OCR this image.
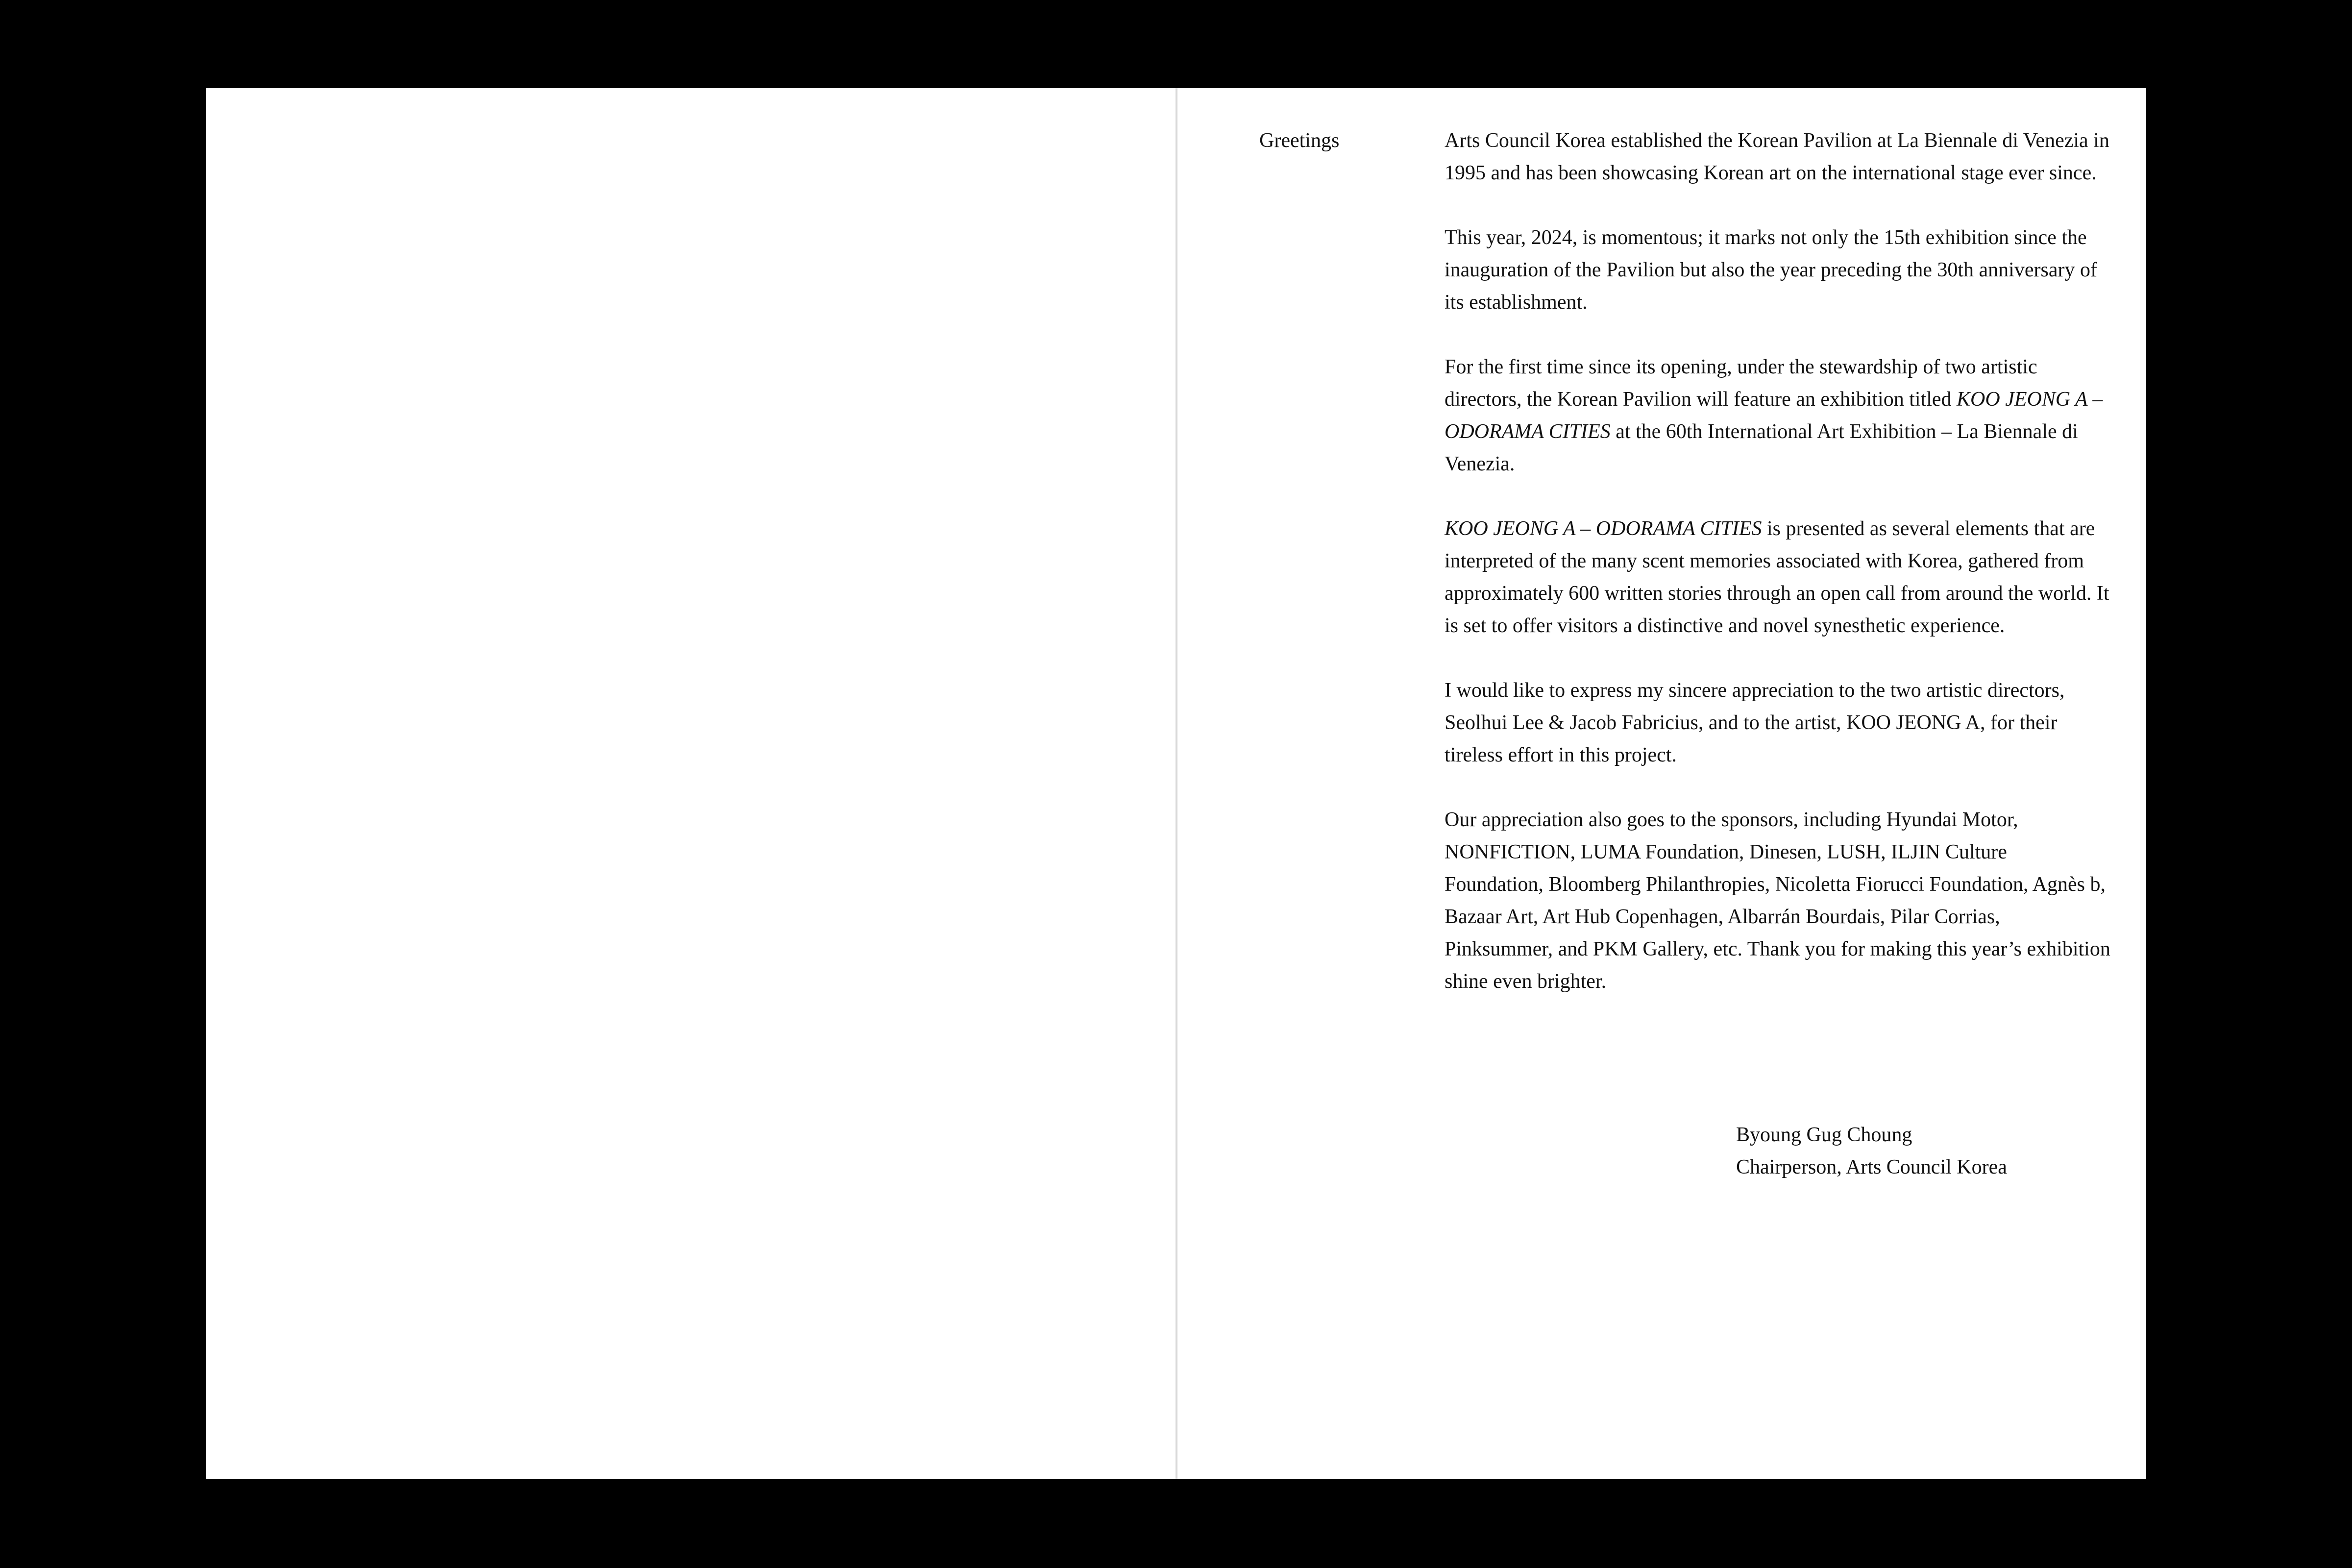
Greetings	Arts Council Korea established the Korean Pavilion at La Biennale di Venezia in 1995 and has been showcasing Korean art on the international stage ever since.

This year, 2024, is momentous; it marks not only the 15th exhibition since the inauguration of the Pavilion but also the year preceding the 30th anniversary of its establishment.

For the first time since its opening, under the stewardship of two artistic directors, the Korean Pavilion will feature an exhibition titled KOO JEONG A – ODORAMA CITIES at the 60th International Art Exhibition – La Biennale di Venezia.

KOO JEONG A – ODORAMA CITIES is presented as several elements that are interpreted of the many scent memories associated with Korea, gathered from approximately 600 written stories through an open call from around the world. It is set to offer visitors a distinctive and novel synesthetic experience.

I would like to express my sincere appreciation to the two artistic directors, Seolhui Lee & Jacob Fabricius, and to the artist, KOO JEONG A, for their tireless effort in this project.

Our appreciation also goes to the sponsors, including Hyundai Motor, NONFICTION, LUMA Foundation, Dinesen, LUSH, ILJIN Culture Foundation, Bloomberg Philanthropies, Nicoletta Fiorucci Foundation, Agnès b, Bazaar Art, Art Hub Copenhagen, Albarrán Bourdais, Pilar Corrias, Pinksummer, and PKM Gallery, etc. Thank you for making this year’s exhibition shine even brighter.

Byoung Gug Choung
Chairperson, Arts Council Korea
